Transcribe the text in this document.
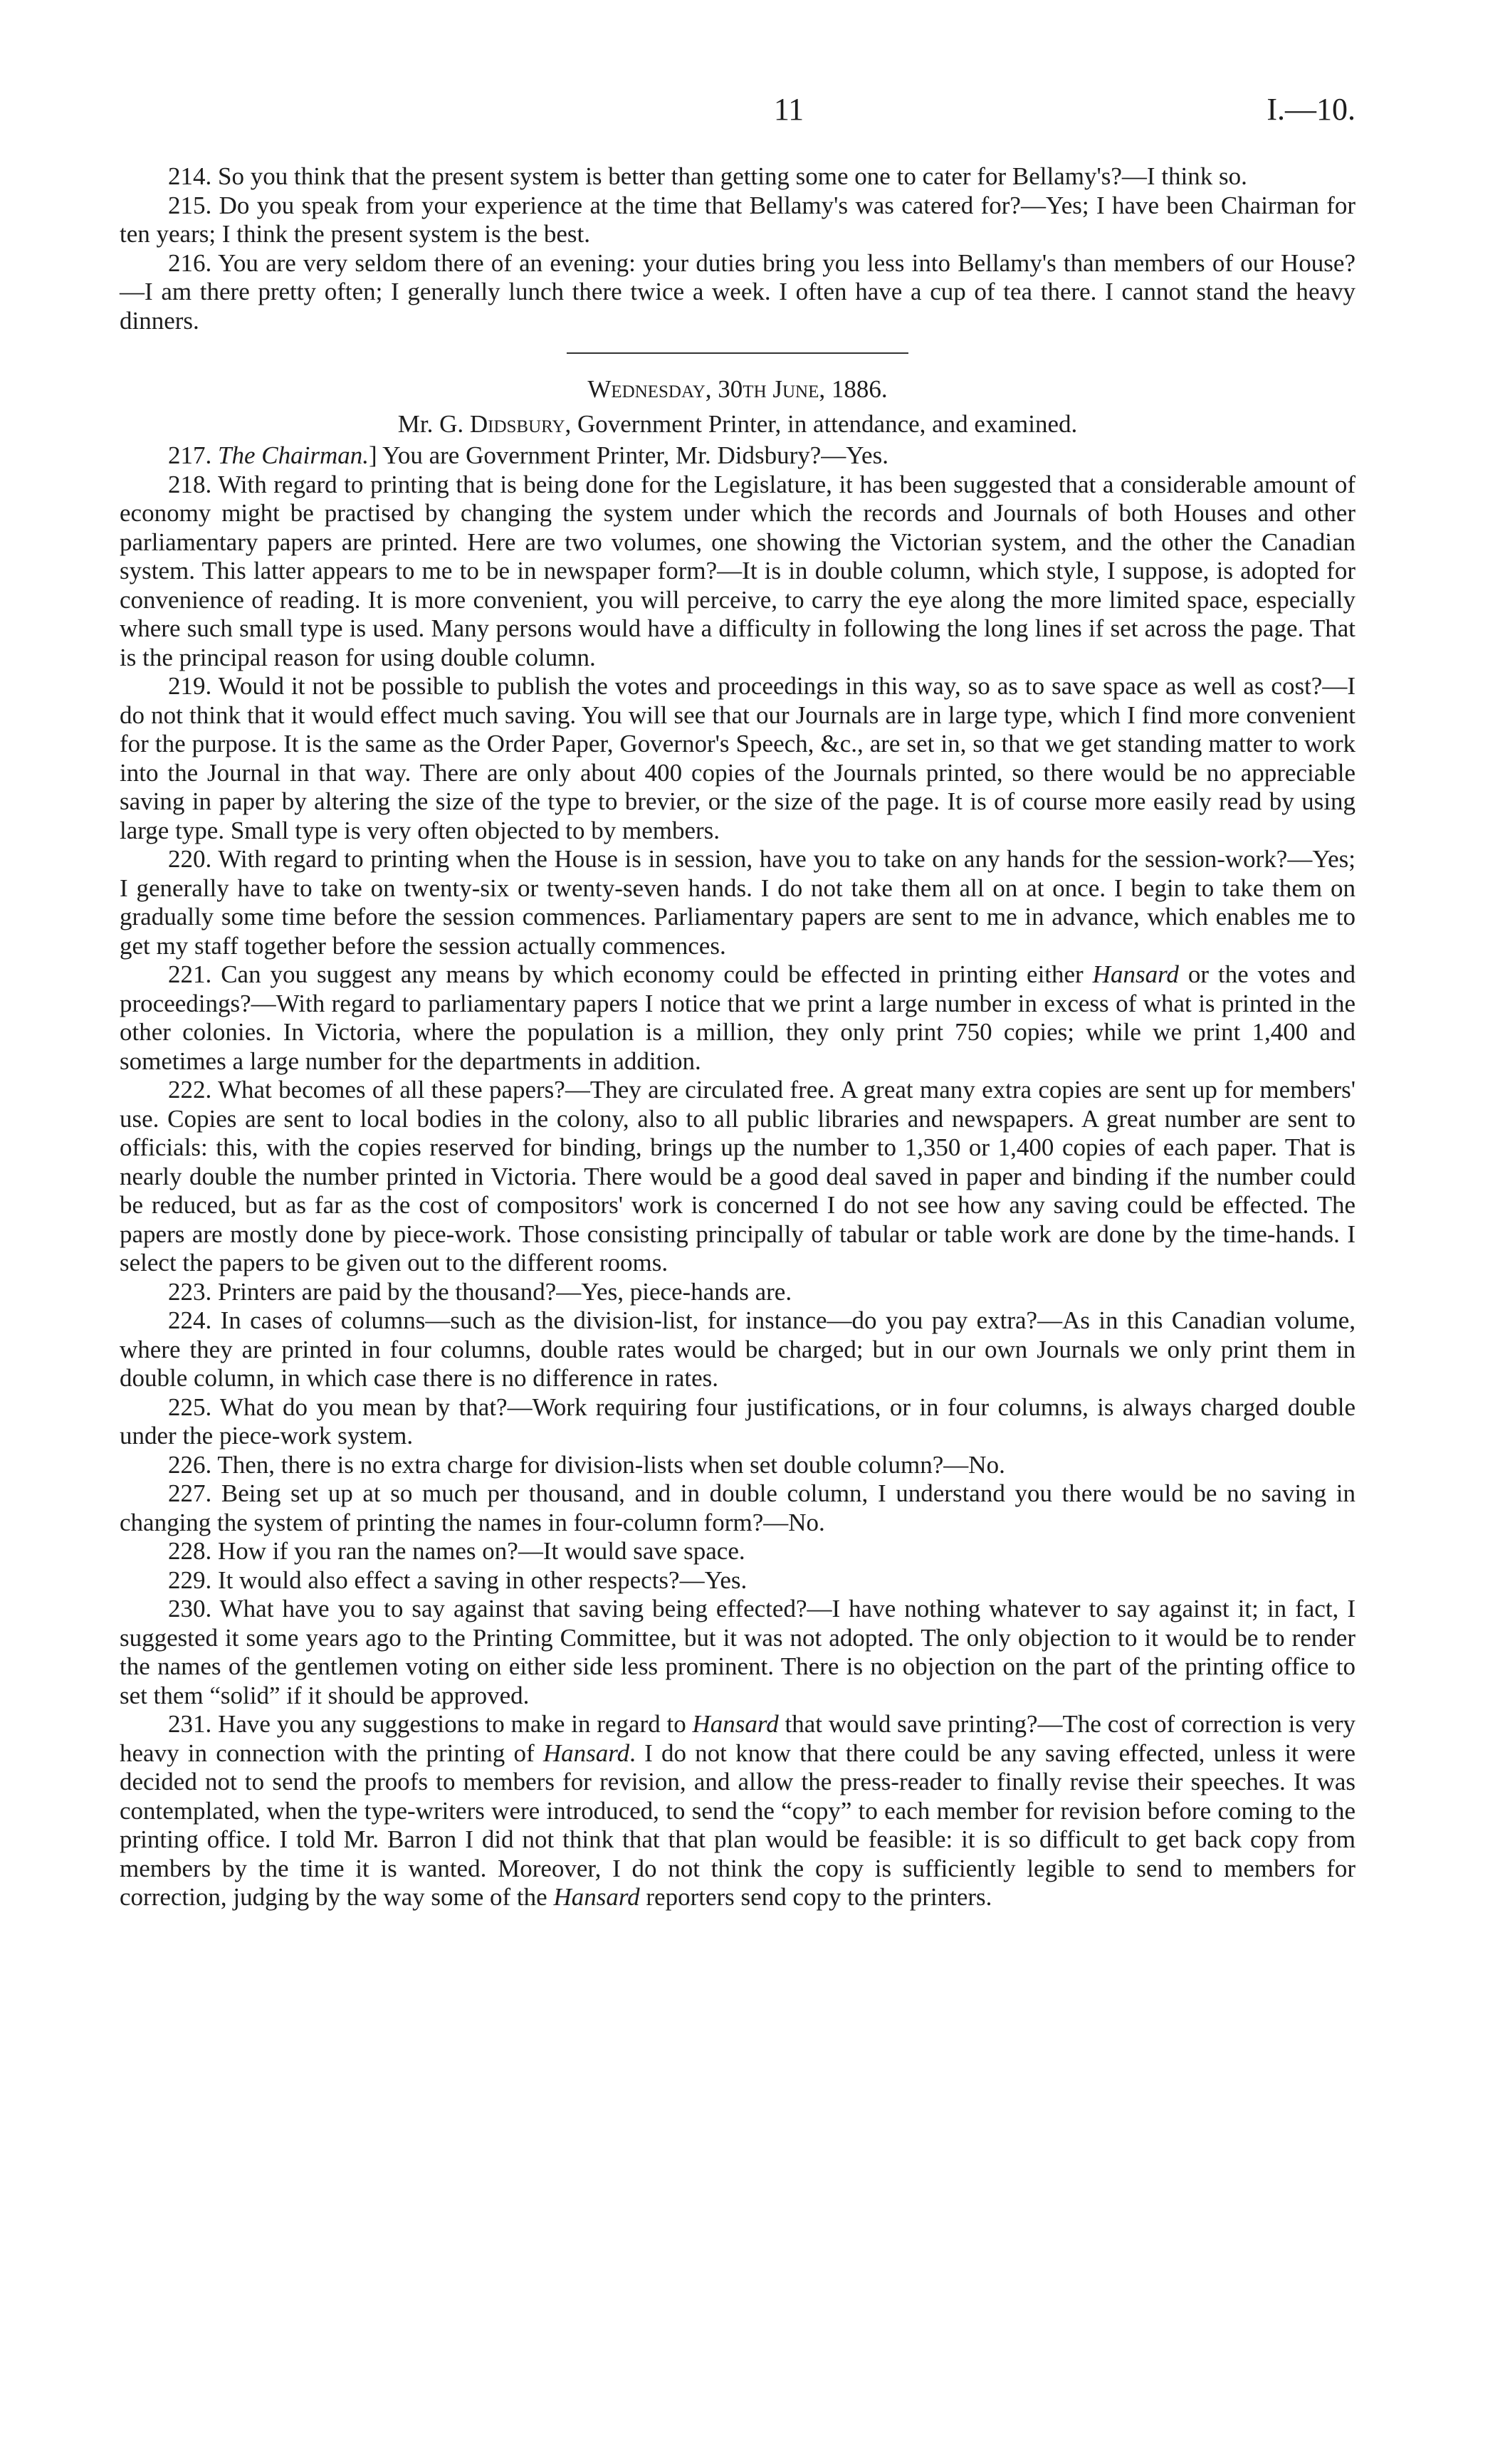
11	I.—10.

214. So you think that the present system is better than getting some one to cater for Bellamy's?—I think so.

215. Do you speak from your experience at the time that Bellamy's was catered for?—Yes; I have been Chairman for ten years; I think the present system is the best.

216. You are very seldom there of an evening: your duties bring you less into Bellamy's than members of our House?—I am there pretty often; I generally lunch there twice a week. I often have a cup of tea there. I cannot stand the heavy dinners.

Wednesday, 30th June, 1886.

Mr. G. Didsbury, Government Printer, in attendance, and examined.

217. The Chairman.] You are Government Printer, Mr. Didsbury?—Yes.

218. With regard to printing that is being done for the Legislature, it has been suggested that a considerable amount of economy might be practised by changing the system under which the records and Journals of both Houses and other parliamentary papers are printed. Here are two volumes, one showing the Victorian system, and the other the Canadian system. This latter appears to me to be in newspaper form?—It is in double column, which style, I suppose, is adopted for convenience of reading. It is more convenient, you will perceive, to carry the eye along the more limited space, especially where such small type is used. Many persons would have a difficulty in following the long lines if set across the page. That is the principal reason for using double column.

219. Would it not be possible to publish the votes and proceedings in this way, so as to save space as well as cost?—I do not think that it would effect much saving. You will see that our Journals are in large type, which I find more convenient for the purpose. It is the same as the Order Paper, Governor's Speech, &c., are set in, so that we get standing matter to work into the Journal in that way. There are only about 400 copies of the Journals printed, so there would be no appreciable saving in paper by altering the size of the type to brevier, or the size of the page. It is of course more easily read by using large type. Small type is very often objected to by members.

220. With regard to printing when the House is in session, have you to take on any hands for the session-work?—Yes; I generally have to take on twenty-six or twenty-seven hands. I do not take them all on at once. I begin to take them on gradually some time before the session commences. Parliamentary papers are sent to me in advance, which enables me to get my staff together before the session actually commences.

221. Can you suggest any means by which economy could be effected in printing either Hansard or the votes and proceedings?—With regard to parliamentary papers I notice that we print a large number in excess of what is printed in the other colonies. In Victoria, where the population is a million, they only print 750 copies; while we print 1,400 and sometimes a large number for the departments in addition.

222. What becomes of all these papers?—They are circulated free. A great many extra copies are sent up for members' use. Copies are sent to local bodies in the colony, also to all public libraries and newspapers. A great number are sent to officials: this, with the copies reserved for binding, brings up the number to 1,350 or 1,400 copies of each paper. That is nearly double the number printed in Victoria. There would be a good deal saved in paper and binding if the number could be reduced, but as far as the cost of compositors' work is concerned I do not see how any saving could be effected. The papers are mostly done by piece-work. Those consisting principally of tabular or table work are done by the time-hands. I select the papers to be given out to the different rooms.

223. Printers are paid by the thousand?—Yes, piece-hands are.

224. In cases of columns—such as the division-list, for instance—do you pay extra?—As in this Canadian volume, where they are printed in four columns, double rates would be charged; but in our own Journals we only print them in double column, in which case there is no difference in rates.

225. What do you mean by that?—Work requiring four justifications, or in four columns, is always charged double under the piece-work system.

226. Then, there is no extra charge for division-lists when set double column?—No.

227. Being set up at so much per thousand, and in double column, I understand you there would be no saving in changing the system of printing the names in four-column form?—No.

228. How if you ran the names on?—It would save space.

229. It would also effect a saving in other respects?—Yes.

230. What have you to say against that saving being effected?—I have nothing whatever to say against it; in fact, I suggested it some years ago to the Printing Committee, but it was not adopted. The only objection to it would be to render the names of the gentlemen voting on either side less prominent. There is no objection on the part of the printing office to set them “solid” if it should be approved.

231. Have you any suggestions to make in regard to Hansard that would save printing?—The cost of correction is very heavy in connection with the printing of Hansard. I do not know that there could be any saving effected, unless it were decided not to send the proofs to members for revision, and allow the press-reader to finally revise their speeches. It was contemplated, when the type-writers were introduced, to send the “copy” to each member for revision before coming to the printing office. I told Mr. Barron I did not think that that plan would be feasible: it is so difficult to get back copy from members by the time it is wanted. Moreover, I do not think the copy is sufficiently legible to send to members for correction, judging by the way some of the Hansard reporters send copy to the printers.
